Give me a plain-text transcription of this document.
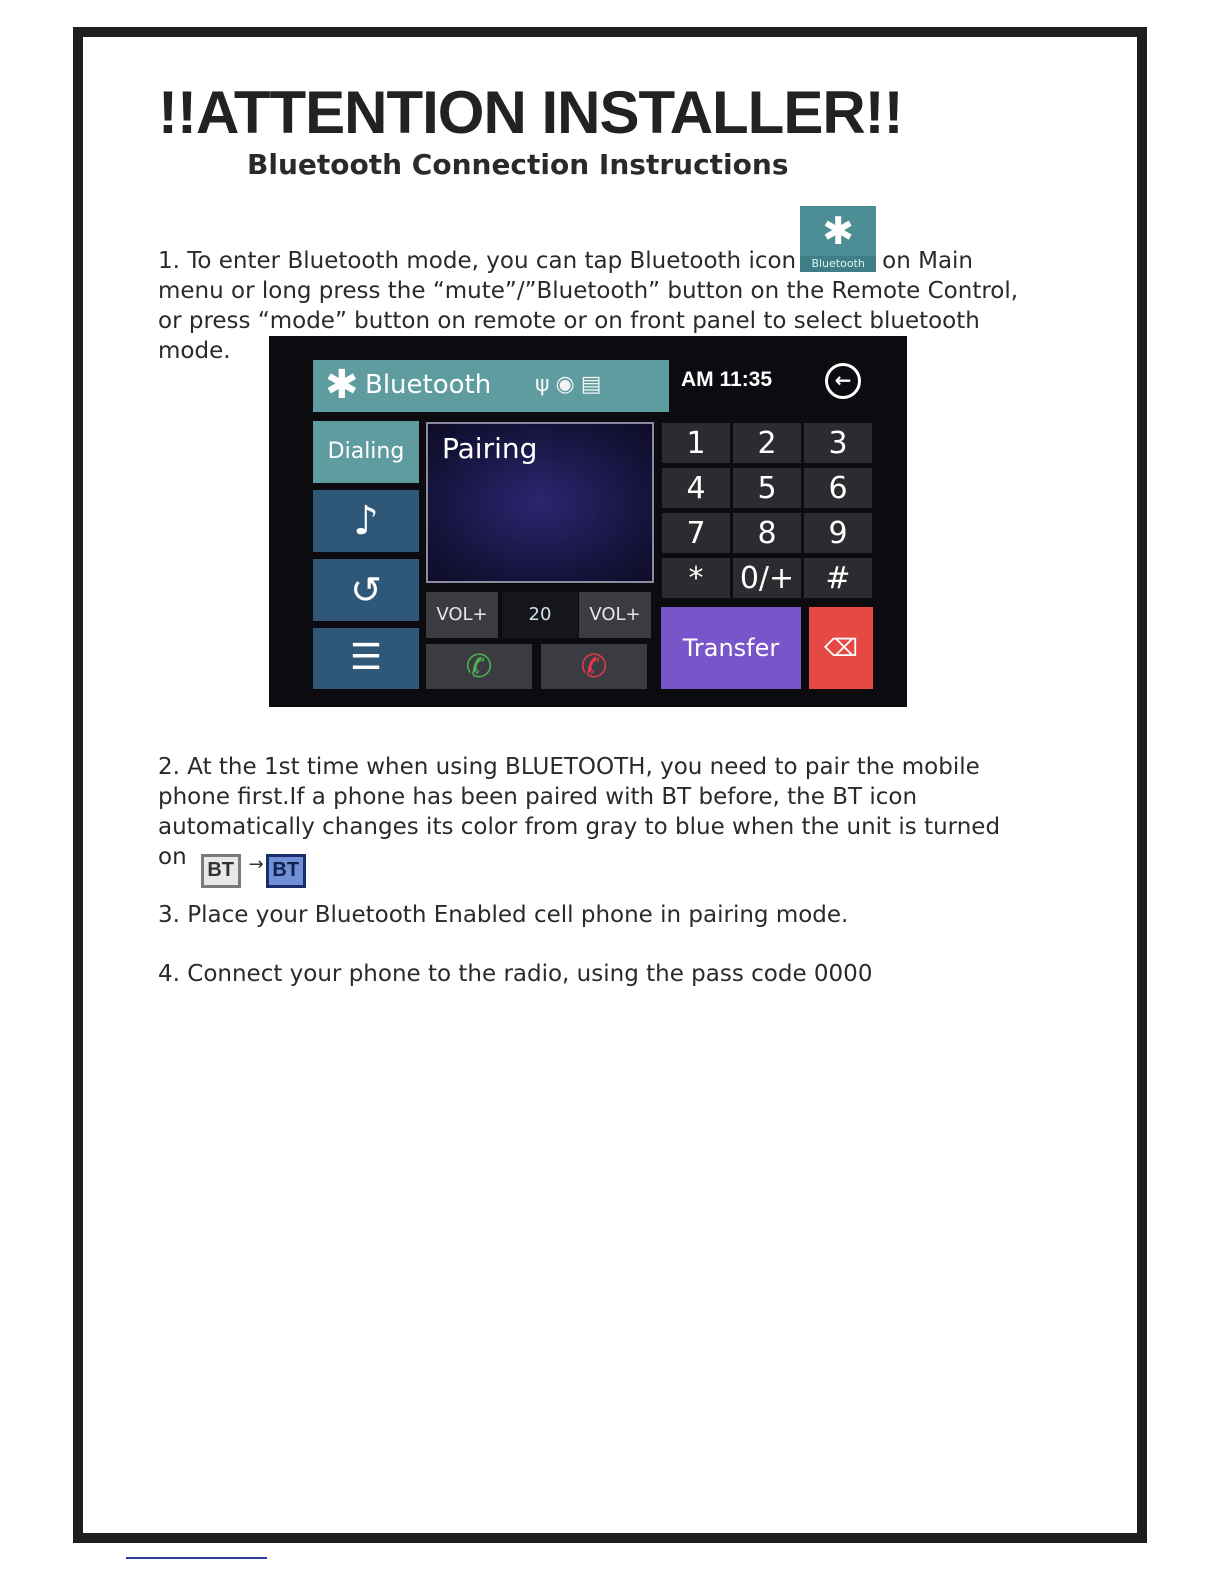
!!ATTENTION INSTALLER!!
Bluetooth Connection Instructions

1. To enter Bluetooth mode, you can tap Bluetooth icon
✱
Bluetooth on Main menu or long press the “mute”/”Bluetooth” button on the Remote Control, or press “mode” button on remote or on front panel to select bluetooth mode.

✱ Bluetooth ψ◉▤	AM 11:35	←
Dialing
♪
↺
☰
Pairing
VOL+	20	VOL+
✆	✆
1	2	3
4	5	6
7	8	9
*	0/+	#
Transfer	⌫

2. At the 1st time when using BLUETOOTH, you need to pair the mobile phone first.If a phone has been paired with BT before, the BT icon automatically changes its color from gray to blue when the unit is turned on BT → BT

3. Place your Bluetooth Enabled cell phone in pairing mode.

4. Connect your phone to the radio, using the pass code 0000
